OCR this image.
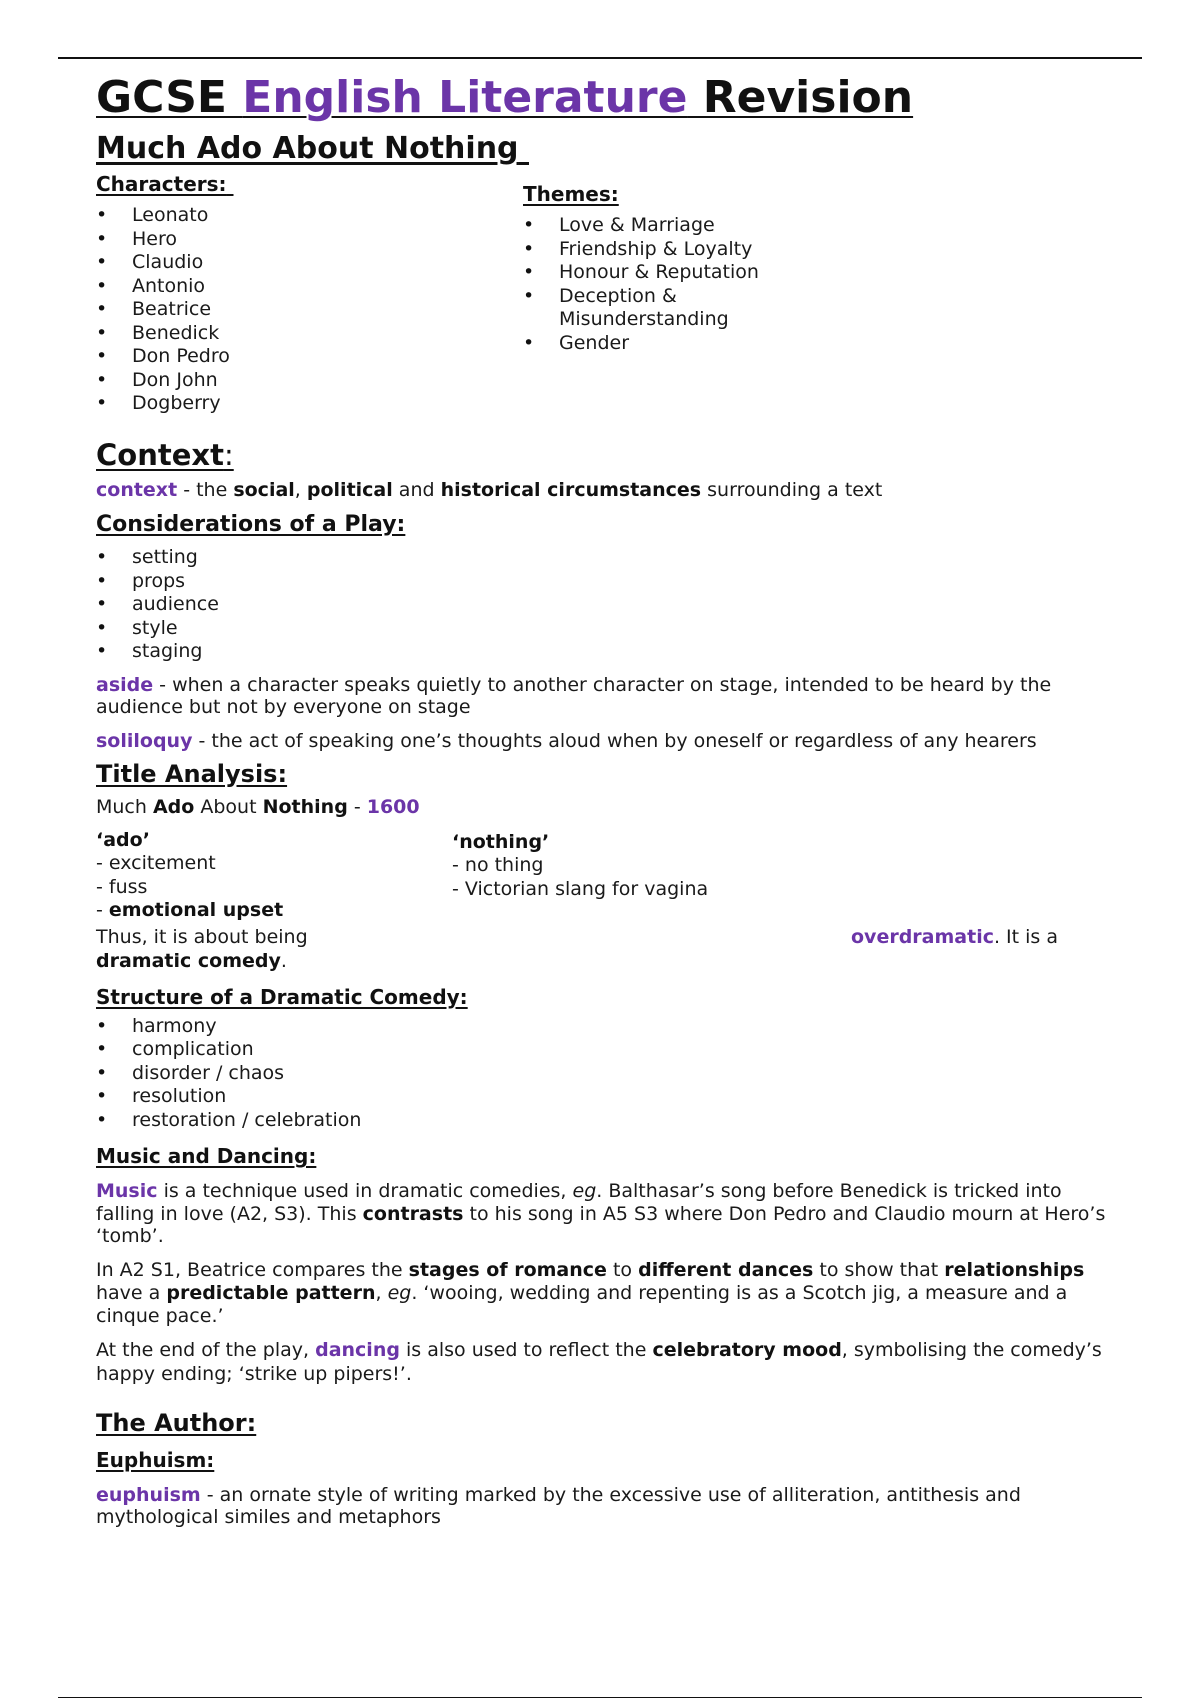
GCSE English Literature Revision
Much Ado About Nothing
Characters:
• Leonato
• Hero
• Claudio
• Antonio
• Beatrice
• Benedick
• Don Pedro
• Don John
• Dogberry
Themes:
• Love & Marriage
• Friendship & Loyalty
• Honour & Reputation
• Deception & Misunderstanding
• Gender
Context:

context - the social, political and historical circumstances surrounding a text

Considerations of a Play:
• setting
• props
• audience
• style
• staging

aside - when a character speaks quietly to another character on stage, intended to be heard by the audience but not by everyone on stage

soliloquy - the act of speaking one’s thoughts aloud when by oneself or regardless of any hearers

Title Analysis:

Much Ado About Nothing - 1600

‘ado’
- excitement
- fuss
- emotional upset
‘nothing’
- no thing
- Victorian slang for vagina

Thus, it is about being	overdramatic. It is a

dramatic comedy.

Structure of a Dramatic Comedy:
• harmony
• complication
• disorder / chaos
• resolution
• restoration / celebration
Music and Dancing:

Music is a technique used in dramatic comedies, eg. Balthasar’s song before Benedick is tricked into falling in love (A2, S3). This contrasts to his song in A5 S3 where Don Pedro and Claudio mourn at Hero’s ‘tomb’.

In A2 S1, Beatrice compares the stages of romance to different dances to show that relationships have a predictable pattern, eg. ‘wooing, wedding and repenting is as a Scotch jig, a measure and a cinque pace.’

At the end of the play, dancing is also used to reflect the celebratory mood, symbolising the comedy’s happy ending; ‘strike up pipers!’.

The Author:
Euphuism:

euphuism - an ornate style of writing marked by the excessive use of alliteration, antithesis and mythological similes and metaphors
